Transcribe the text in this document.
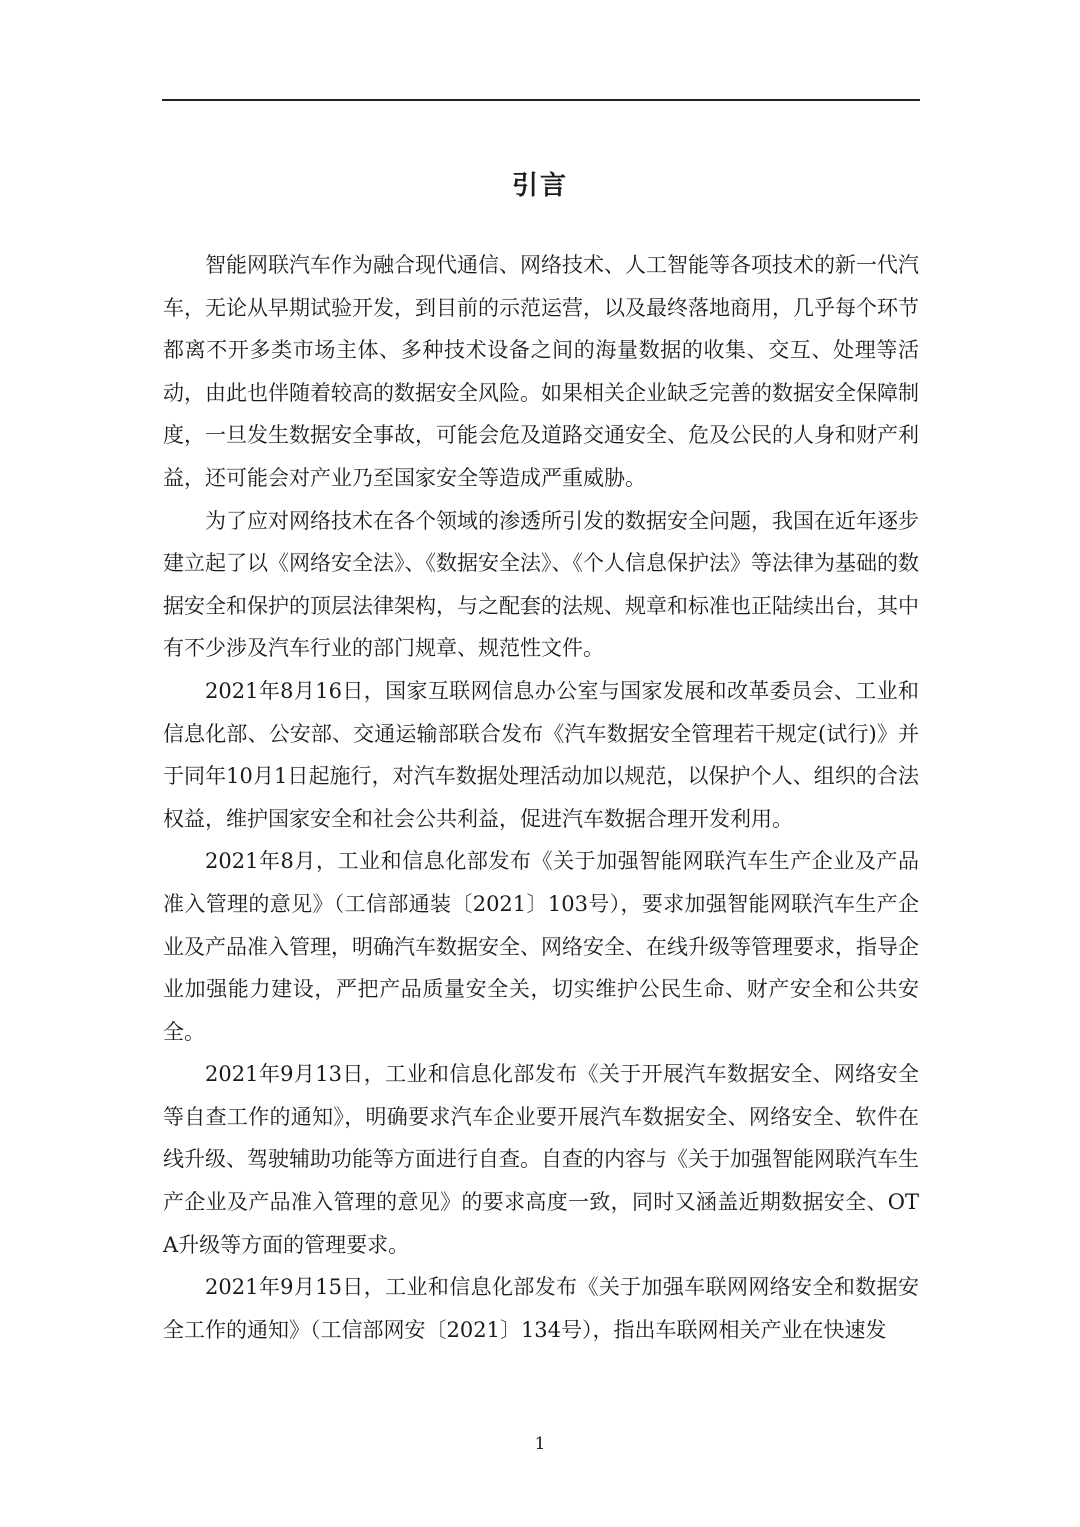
引言

智能网联汽车作为融合现代通信、网络技术、人工智能等各项技术的新一代汽车，无论从早期试验开发，到目前的示范运营，以及最终落地商用，几乎每个环节都离不开多类市场主体、多种技术设备之间的海量数据的收集、交互、处理等活动，由此也伴随着较高的数据安全风险。如果相关企业缺乏完善的数据安全保障制度，一旦发生数据安全事故，可能会危及道路交通安全、危及公民的人身和财产利益，还可能会对产业乃至国家安全等造成严重威胁。

为了应对网络技术在各个领域的渗透所引发的数据安全问题，我国在近年逐步建立起了以《网络安全法》、《数据安全法》、《个人信息保护法》等法律为基础的数据安全和保护的顶层法律架构，与之配套的法规、规章和标准也正陆续出台，其中有不少涉及汽车行业的部门规章、规范性文件。

2021年8月16日，国家互联网信息办公室与国家发展和改革委员会、工业和信息化部、公安部、交通运输部联合发布《汽车数据安全管理若干规定(试行)》并于同年10月1日起施行，对汽车数据处理活动加以规范，以保护个人、组织的合法权益，维护国家安全和社会公共利益，促进汽车数据合理开发利用。

2021年8月，工业和信息化部发布《关于加强智能网联汽车生产企业及产品准入管理的意见》（工信部通装〔2021〕103号），要求加强智能网联汽车生产企业及产品准入管理，明确汽车数据安全、网络安全、在线升级等管理要求，指导企业加强能力建设，严把产品质量安全关，切实维护公民生命、财产安全和公共安全。

2021年9月13日，工业和信息化部发布《关于开展汽车数据安全、网络安全等自查工作的通知》，明确要求汽车企业要开展汽车数据安全、网络安全、软件在线升级、驾驶辅助功能等方面进行自查。自查的内容与《关于加强智能网联汽车生产企业及产品准入管理的意见》的要求高度一致，同时又涵盖近期数据安全、OTA升级等方面的管理要求。

2021年9月15日，工业和信息化部发布《关于加强车联网网络安全和数据安全工作的通知》（工信部网安〔2021〕134号），指出车联网相关产业在快速发

1
